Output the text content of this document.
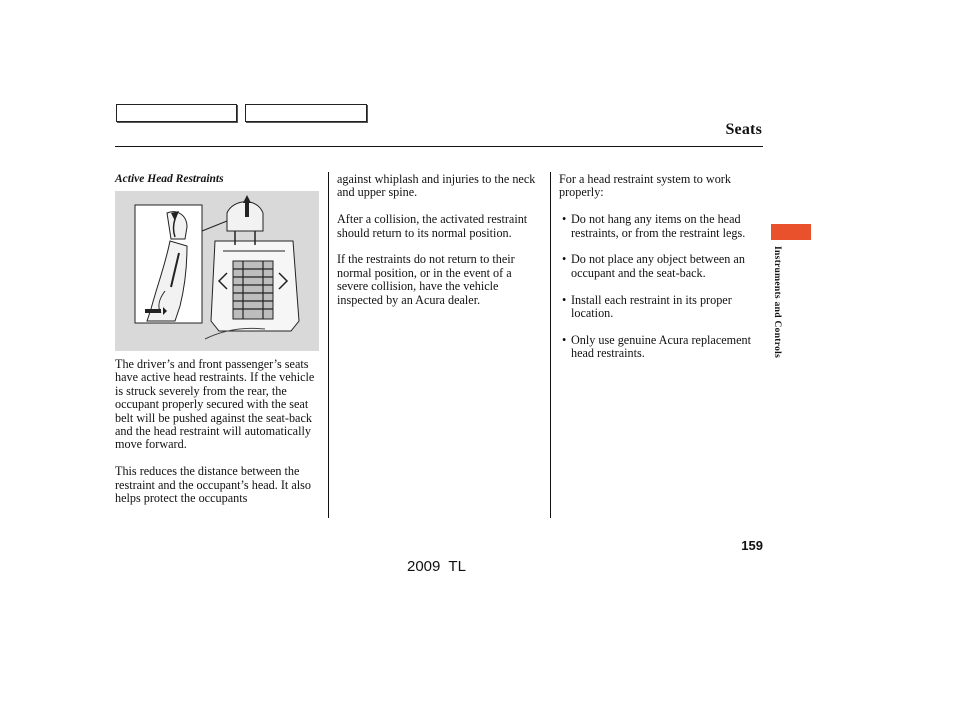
Seats
Active Head Restraints

The driver’s and front passenger’s seats have active head restraints. If the vehicle is struck severely from the rear, the occupant properly secured with the seat belt will be pushed against the seat-back and the head restraint will automatically move forward.

This reduces the distance between the restraint and the occupant’s head. It also helps protect the occupants

against whiplash and injuries to the neck and upper spine.

After a collision, the activated restraint should return to its normal position.

If the restraints do not return to their normal position, or in the event of a severe collision, have the vehicle inspected by an Acura dealer.

For a head restraint system to work properly:

• Do not hang any items on the head restraints, or from the restraint legs.
• Do not place any object between an occupant and the seat-back.
• Install each restraint in its proper location.
• Only use genuine Acura replacement head restraints.	Instruments and Controls
159
2009  TL
